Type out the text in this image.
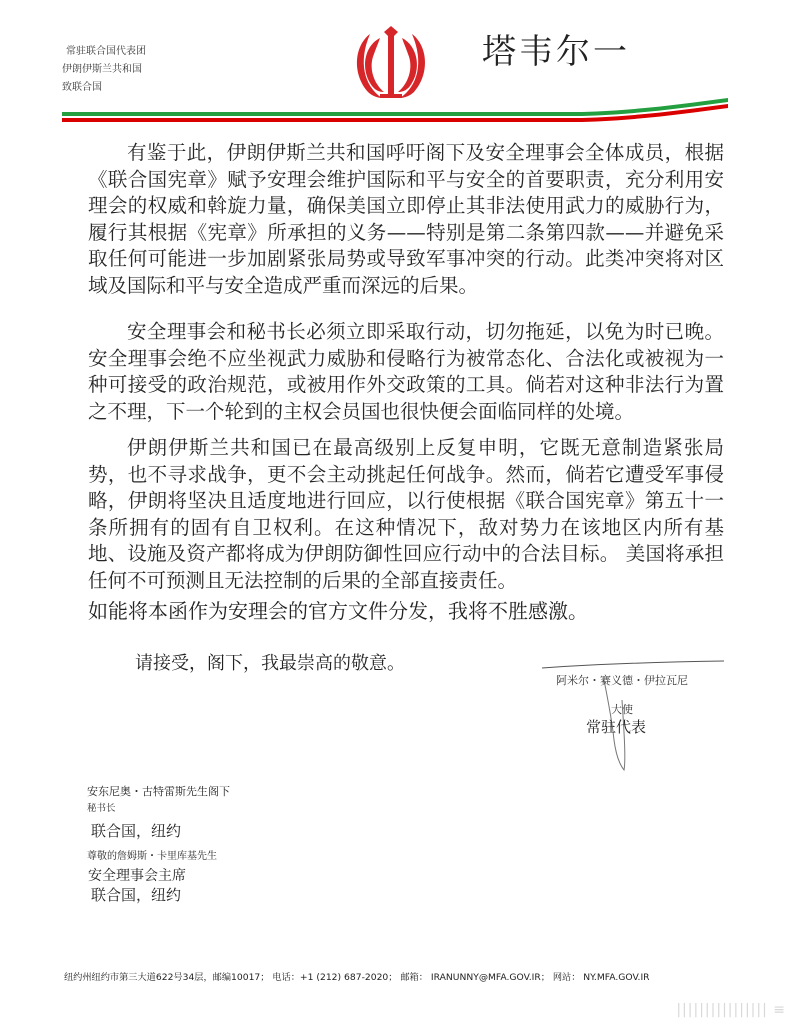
常驻联合国代表团
伊朗伊斯兰共和国
致联合国
塔韦尔一

有鉴于此，伊朗伊斯兰共和国呼吁阁下及安全理事会全体成员，根据《联合国宪章》赋予安理会维护国际和平与安全的首要职责，充分利用安理会的权威和斡旋力量，确保美国立即停止其非法使用武力的威胁行为，履行其根据《宪章》所承担的义务——特别是第二条第四款——并避免采取任何可能进一步加剧紧张局势或导致军事冲突的行动。此类冲突将对区域及国际和平与安全造成严重而深远的后果。

安全理事会和秘书长必须立即采取行动，切勿拖延，以免为时已晚。安全理事会绝不应坐视武力威胁和侵略行为被常态化、合法化或被视为一种可接受的政治规范，或被用作外交政策的工具。倘若对这种非法行为置之不理，下一个轮到的主权会员国也很快便会面临同样的处境。

伊朗伊斯兰共和国已在最高级别上反复申明，它既无意制造紧张局势，也不寻求战争，更不会主动挑起任何战争。然而，倘若它遭受军事侵略，伊朗将坚决且适度地进行回应，以行使根据《联合国宪章》第五十一条所拥有的固有自卫权利。在这种情况下，敌对势力在该地区内所有基地、设施及资产都将成为伊朗防御性回应行动中的合法目标。 美国将承担任何不可预测且无法控制的后果的全部直接责任。

如能将本函作为安理会的官方文件分发，我将不胜感激。
请接受，阁下，我最崇高的敬意。
阿米尔・赛义德・伊拉瓦尼
大使
常驻代表
安东尼奥・古特雷斯先生阁下
秘书长
联合国，纽约
尊敬的詹姆斯・卡里库基先生
安全理事会主席
联合国，纽约
纽约州纽约市第三大道622号34层，邮编10017； 电话：+1 (212) 687-2020； 邮箱： IRANUNNY@MFA.GOV.IR； 网站： NY.MFA.GOV.IR
|||||||||||||||| ≡
